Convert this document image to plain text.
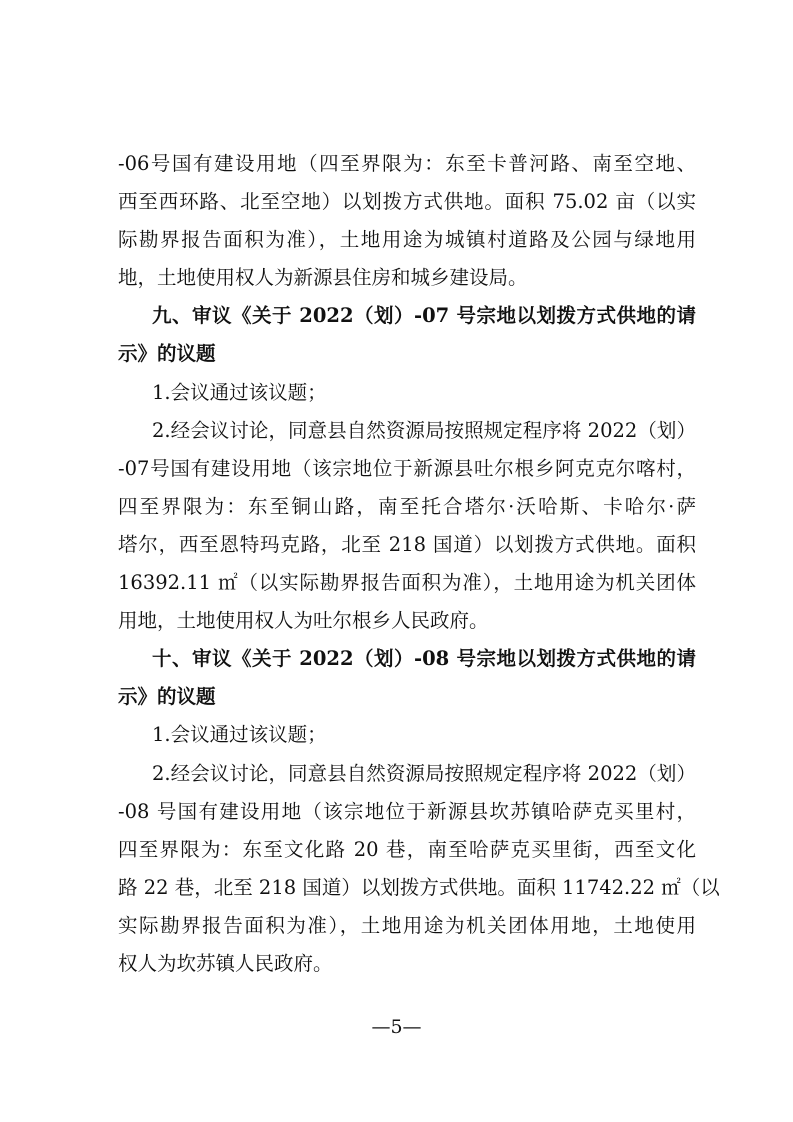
-06号国有建设用地（四至界限为：东至卡普河路、南至空地、
西至西环路、北至空地）以划拨方式供地。面积 75.02 亩（以实
际勘界报告面积为准），土地用途为城镇村道路及公园与绿地用
地，土地使用权人为新源县住房和城乡建设局。
九、审议《关于 2022（划）-07 号宗地以划拨方式供地的请
示》的议题
1.会议通过该议题；
2.经会议讨论，同意县自然资源局按照规定程序将 2022（划）
-07号国有建设用地（该宗地位于新源县吐尔根乡阿克克尔喀村，
四至界限为：东至铜山路，南至托合塔尔·沃哈斯、卡哈尔·萨
塔尔，西至恩特玛克路，北至 218 国道）以划拨方式供地。面积
16392.11 ㎡（以实际勘界报告面积为准），土地用途为机关团体
用地，土地使用权人为吐尔根乡人民政府。
十、审议《关于 2022（划）-08 号宗地以划拨方式供地的请
示》的议题
1.会议通过该议题；
2.经会议讨论，同意县自然资源局按照规定程序将 2022（划）
-08 号国有建设用地（该宗地位于新源县坎苏镇哈萨克买里村，
四至界限为：东至文化路 20 巷，南至哈萨克买里街，西至文化
路 22 巷，北至 218 国道）以划拨方式供地。面积 11742.22 ㎡（以
实际勘界报告面积为准），土地用途为机关团体用地，土地使用
权人为坎苏镇人民政府。
—5—
